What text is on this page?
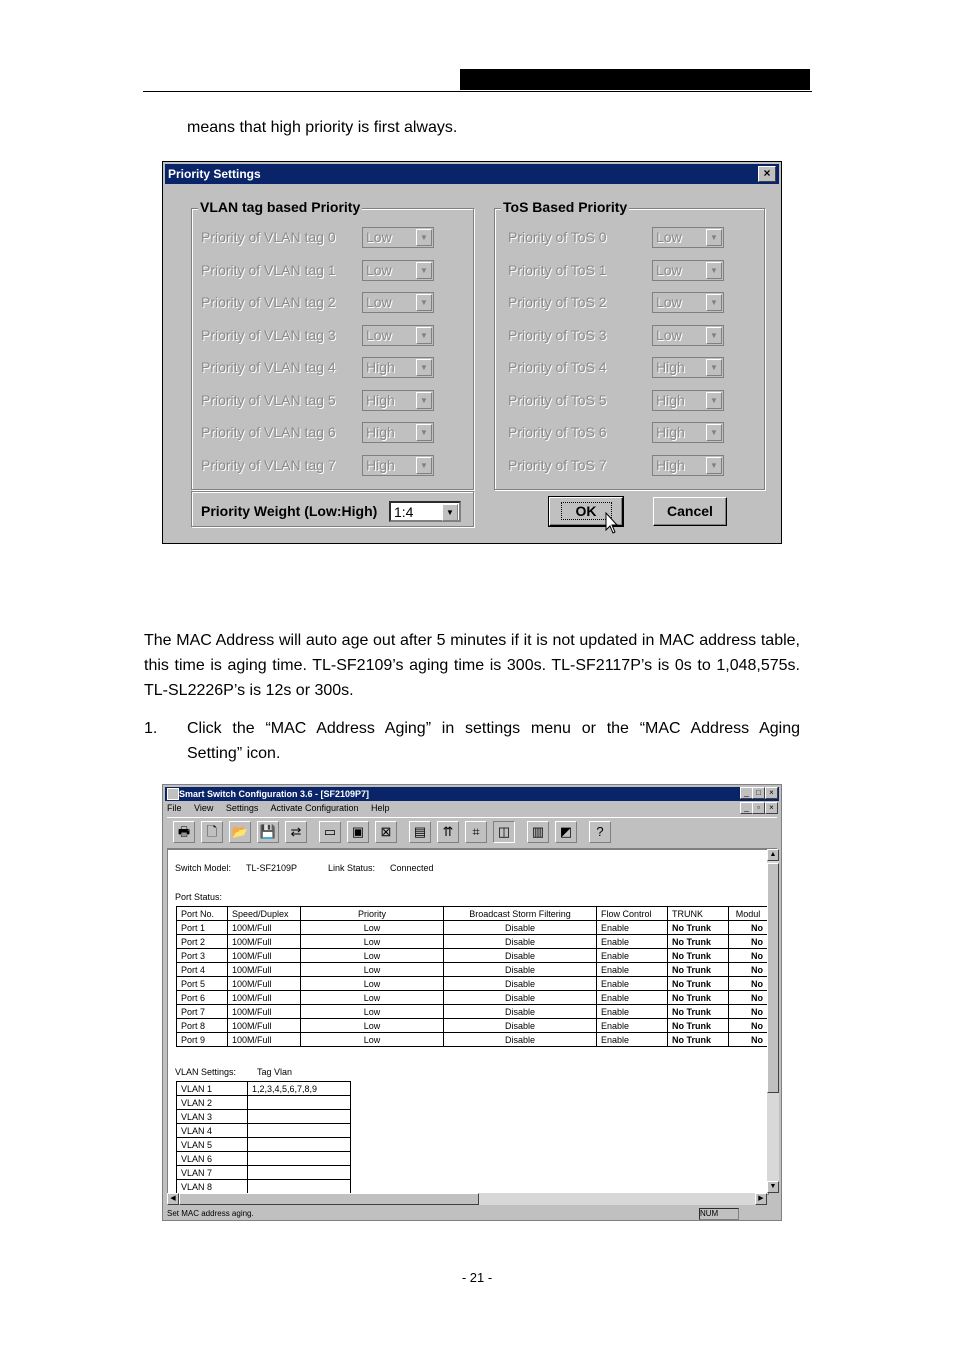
means that high priority is first always.
Priority Settings	×
VLAN tag based Priority
Priority of VLAN tag 0 Low	▼
Priority of VLAN tag 1 Low	▼
Priority of VLAN tag 2 Low	▼
Priority of VLAN tag 3 Low	▼
Priority of VLAN tag 4 High	▼
Priority of VLAN tag 5 High	▼
Priority of VLAN tag 6 High	▼
Priority of VLAN tag 7 High	▼
ToS Based Priority
Priority of ToS 0	Low	▼
Priority of ToS 1	Low	▼
Priority of ToS 2	Low	▼
Priority of ToS 3	Low	▼
Priority of ToS 4	High	▼
Priority of ToS 5	High	▼
Priority of ToS 6	High	▼
Priority of ToS 7	High	▼
Priority Weight (Low:High) 1:4	▼	OK	Cancel
The MAC Address will auto age out after 5 minutes if it is not updated in MAC address table, this time is aging time. TL-SF2109’s aging time is 300s. TL-SF2117P’s is 0s to 1,048,575s. TL-SL2226P’s is 12s or 300s.
1. Click the “MAC Address Aging” in settings menu or the “MAC Address Aging
Setting” icon.
Smart Switch Configuration 3.6 - [SF2109P7]	_ □	×
File View Settings Activate Configuration Help	_	▫	×
🖶	🗋	📂 💾	⇄	▭	▣	⊠	▤	⇈	⌗	◫	▥	◩	?
Switch Model: TL-SF2109P	Link Status: Connected
Port Status:
Port No.	Speed/Duplex	Priority	Broadcast Storm Filtering	Flow Control	TRUNK	Modul
Port 1	100M/Full	Low	Disable	Enable	No Trunk	No
Port 2	100M/Full	Low	Disable	Enable	No Trunk	No
Port 3	100M/Full	Low	Disable	Enable	No Trunk	No
Port 4	100M/Full	Low	Disable	Enable	No Trunk	No
Port 5	100M/Full	Low	Disable	Enable	No Trunk	No
Port 6	100M/Full	Low	Disable	Enable	No Trunk	No
Port 7	100M/Full	Low	Disable	Enable	No Trunk	No
Port 8	100M/Full	Low	Disable	Enable	No Trunk	No
Port 9	100M/Full	Low	Disable	Enable	No Trunk	No
VLAN Settings: Tag Vlan
VLAN 1	1,2,3,4,5,6,7,8,9
VLAN 2	
VLAN 3	
VLAN 4	
VLAN 5	
VLAN 6	
VLAN 7	
VLAN 8	
▲
▼
◀	▶
Set MAC address aging.	NUM
- 21 -
